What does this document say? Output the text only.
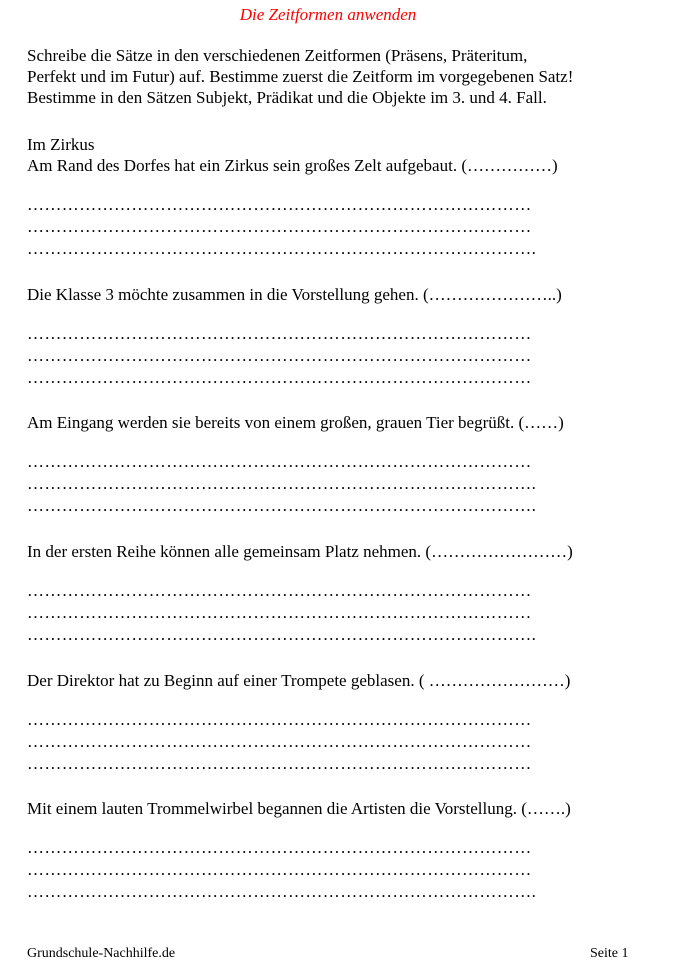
Die Zeitformen anwenden
Schreibe die Sätze in den verschiedenen Zeitformen (Präsens, Präteritum,
Perfekt und im Futur) auf. Bestimme zuerst die Zeitform im vorgegebenen Satz!
Bestimme in den Sätzen Subjekt, Prädikat und die Objekte im 3. und 4. Fall.
Im Zirkus
Am Rand des Dorfes hat ein Zirkus sein großes Zelt aufgebaut. (……………)
……………………………………………………………………………
……………………………………………………………………………
…………………………………………………………………………….
Die Klasse 3 möchte zusammen in die Vorstellung gehen. (…………………..)
……………………………………………………………………………
……………………………………………………………………………
……………………………………………………………………………
Am Eingang werden sie bereits von einem großen, grauen Tier begrüßt. (……)
……………………………………………………………………………
…………………………………………………………………………….
…………………………………………………………………………….
In der ersten Reihe können alle gemeinsam Platz nehmen. (……………………)
……………………………………………………………………………
……………………………………………………………………………
…………………………………………………………………………….
Der Direktor hat zu Beginn auf einer Trompete geblasen. ( ……………………)
……………………………………………………………………………
……………………………………………………………………………
……………………………………………………………………………
Mit einem lauten Trommelwirbel begannen die Artisten die Vorstellung. (…….)
……………………………………………………………………………
……………………………………………………………………………
…………………………………………………………………………….
Grundschule-Nachhilfe.de	Seite 1
